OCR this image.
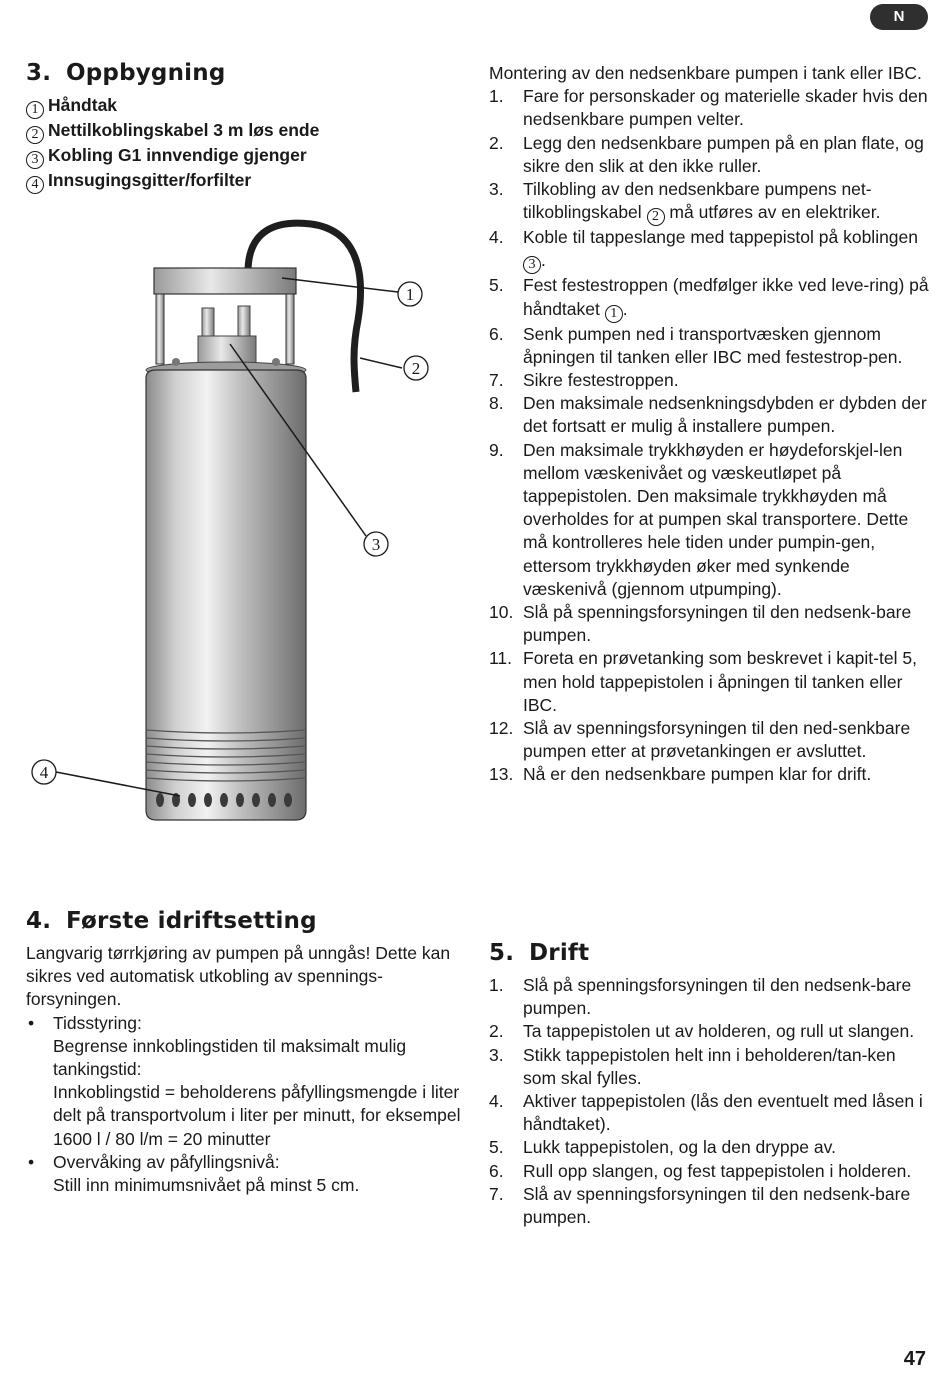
N
3. Oppbygning
1 Håndtak
2 Nettilkoblingskabel 3 m løs ende
3 Kobling G1 innvendige gjenger
4 Innsugingsgitter/forfilter
1
2
3
4

Montering av den nedsenkbare pumpen i tank eller IBC.

1. Fare for personskader og materielle skader hvis den nedsenkbare pumpen velter.
2. Legg den nedsenkbare pumpen på en plan flate, og sikre den slik at den ikke ruller.
3. Tilkobling av den nedsenkbare pumpens net-tilkoblingskabel 2 må utføres av en elektriker.
4. Koble til tappeslange med tappepistol på koblingen 3 .
5. Fest festestroppen (medfølger ikke ved leve-ring) på håndtaket 1 .
6. Senk pumpen ned i transportvæsken gjennom åpningen til tanken eller IBC med festestrop-pen.
7. Sikre festestroppen.
8. Den maksimale nedsenkningsdybden er dybden der det fortsatt er mulig å installere pumpen.
9. Den maksimale trykkhøyden er høydeforskjel-len mellom væskenivået og væskeutløpet på tappepistolen. Den maksimale trykkhøyden må overholdes for at pumpen skal transportere. Dette må kontrolleres hele tiden under pumpin-gen, ettersom trykkhøyden øker med synkende væskenivå (gjennom utpumping).
10. Slå på spenningsforsyningen til den nedsenk-bare pumpen.
11. Foreta en prøvetanking som beskrevet i kapit-tel 5, men hold tappepistolen i åpningen til tanken eller IBC.
12. Slå av spenningsforsyningen til den ned-senkbare pumpen etter at prøvetankingen er avsluttet.
13. Nå er den nedsenkbare pumpen klar for drift.
4. Første idriftsetting

Langvarig tørrkjøring av pumpen på unngås! Dette kan sikres ved automatisk utkobling av spennings-forsyningen.

• Tidsstyring:
Begrense innkoblingstiden til maksimalt mulig tankingstid:
Innkoblingstid = beholderens påfyllingsmengde i liter delt på transportvolum i liter per minutt, for eksempel 1600 l / 80 l/m = 20 minutter
• Overvåking av påfyllingsnivå:
Still inn minimumsnivået på minst 5 cm.
5. Drift
1. Slå på spenningsforsyningen til den nedsenk-bare pumpen.
2. Ta tappepistolen ut av holderen, og rull ut slangen.
3. Stikk tappepistolen helt inn i beholderen/tan-ken som skal fylles.
4. Aktiver tappepistolen (lås den eventuelt med låsen i håndtaket).
5. Lukk tappepistolen, og la den dryppe av.
6. Rull opp slangen, og fest tappepistolen i holderen.
7. Slå av spenningsforsyningen til den nedsenk-bare pumpen.
47
